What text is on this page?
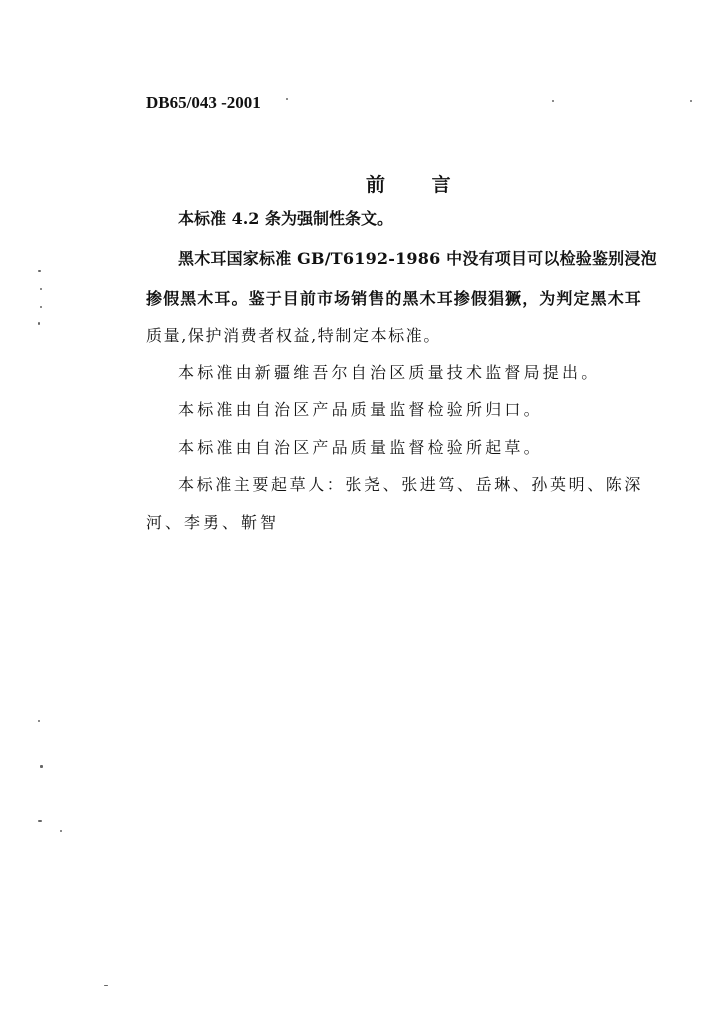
DB65/043 -2001
前 言
本标准 4.2 条为强制性条文。
黑木耳国家标准 GB/T6192-1986 中没有项目可以检验鉴别浸泡
掺假黑木耳。鉴于目前市场销售的黑木耳掺假猖獗，为判定黑木耳
质量,保护消费者权益,特制定本标准。
本标准由新疆维吾尔自治区质量技术监督局提出。
本标准由自治区产品质量监督检验所归口。
本标准由自治区产品质量监督检验所起草。
本标准主要起草人：张尧、张进笃、岳琳、孙英明、陈深
河、李勇、靳智
